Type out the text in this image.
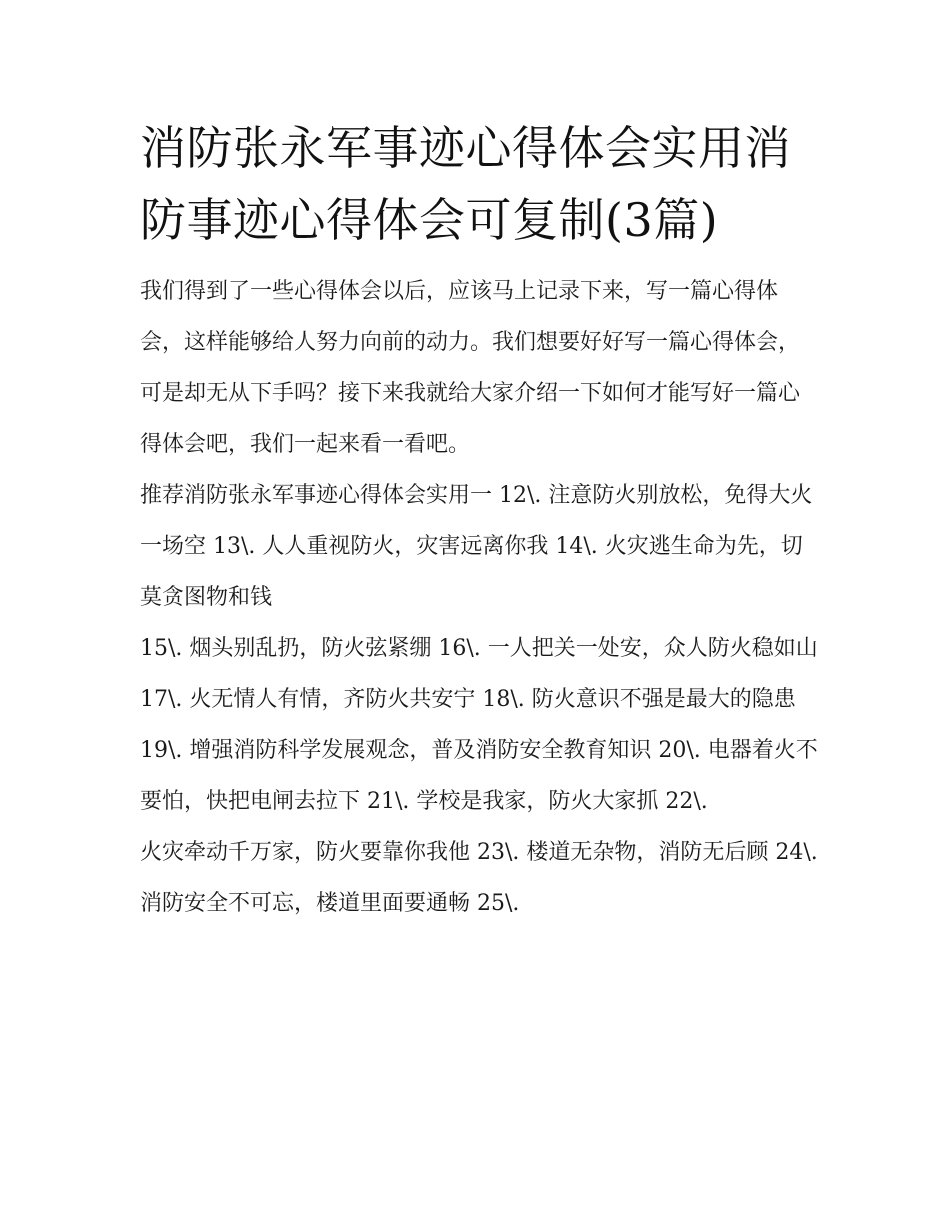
消防张永军事迹心得体会实用消防事迹心得体会可复制(3篇)

我们得到了一些心得体会以后，应该马上记录下来，写一篇心得体会，这样能够给人努力向前的动力。我们想要好好写一篇心得体会，可是却无从下手吗？接下来我就给大家介绍一下如何才能写好一篇心得体会吧，我们一起来看一看吧。

推荐消防张永军事迹心得体会实用一 12\. 注意防火别放松，免得大火一场空 13\. 人人重视防火，灾害远离你我 14\. 火灾逃生命为先，切莫贪图物和钱

15\. 烟头别乱扔，防火弦紧绷 16\. 一人把关一处安，众人防火稳如山 17\. 火无情人有情，齐防火共安宁 18\. 防火意识不强是最大的隐患

19\. 增强消防科学发展观念，普及消防安全教育知识 20\. 电器着火不要怕，快把电闸去拉下 21\. 学校是我家，防火大家抓 22\.

火灾牵动千万家，防火要靠你我他 23\. 楼道无杂物，消防无后顾 24\. 消防安全不可忘，楼道里面要通畅 25\.
